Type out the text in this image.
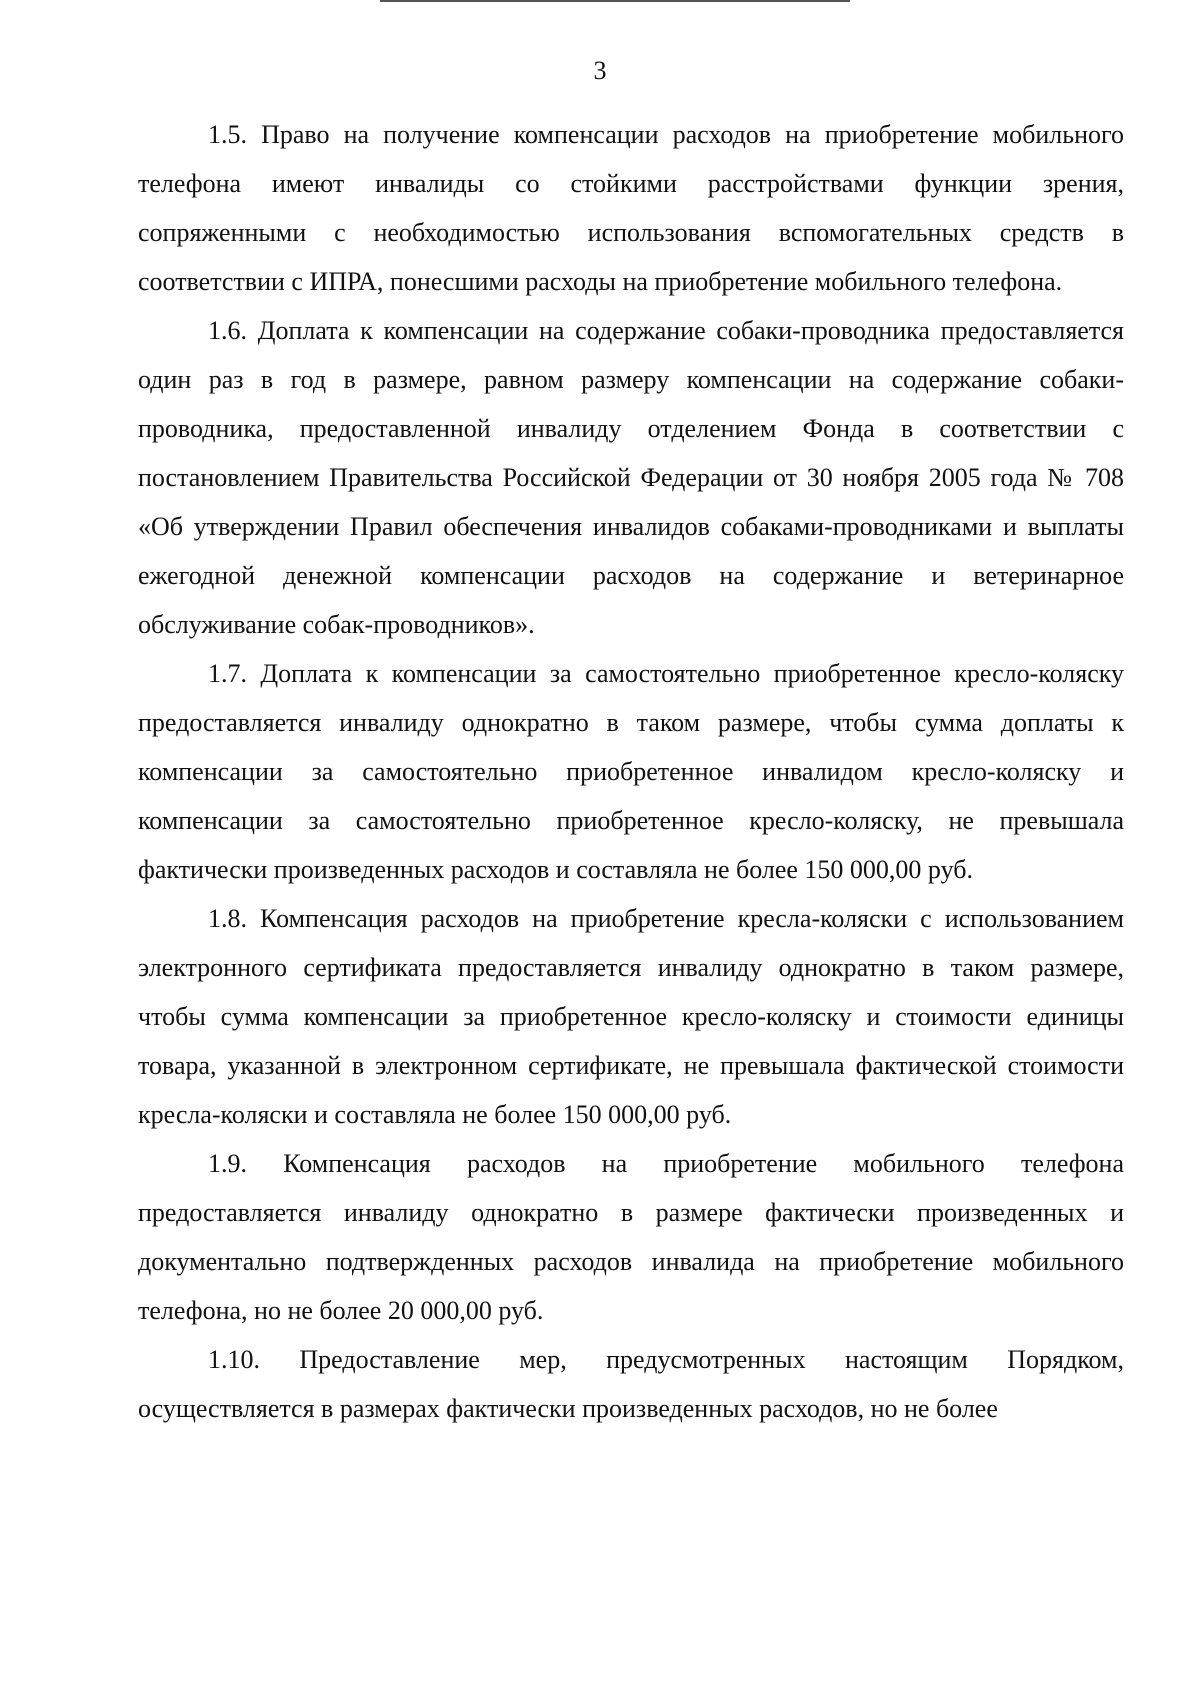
3

1.5. Право на получение компенсации расходов на приобретение мобильного телефона имеют инвалиды со стойкими расстройствами функции зрения, сопряженными с необходимостью использования вспомогательных средств в соответствии с ИПРА, понесшими расходы на приобретение мобильного телефона.

1.6. Доплата к компенсации на содержание собаки-проводника предоставляется один раз в год в размере, равном размеру компенсации на содержание собаки-проводника, предоставленной инвалиду отделением Фонда в соответствии с постановлением Правительства Российской Федерации от 30 ноября 2005 года № 708 «Об утверждении Правил обеспечения инвалидов собаками-проводниками и выплаты ежегодной денежной компенсации расходов на содержание и ветеринарное обслуживание собак-проводников».

1.7. Доплата к компенсации за самостоятельно приобретенное кресло-коляску предоставляется инвалиду однократно в таком размере, чтобы сумма доплаты к компенсации за самостоятельно приобретенное инвалидом кресло-коляску и компенсации за самостоятельно приобретенное кресло-коляску, не превышала фактически произведенных расходов и составляла не более 150 000,00 руб.

1.8. Компенсация расходов на приобретение кресла-коляски с использованием электронного сертификата предоставляется инвалиду однократно в таком размере, чтобы сумма компенсации за приобретенное кресло-коляску и стоимости единицы товара, указанной в электронном сертификате, не превышала фактической стоимости кресла-коляски и составляла не более 150 000,00 руб.

1.9. Компенсация расходов на приобретение мобильного телефона предоставляется инвалиду однократно в размере фактически произведенных и документально подтвержденных расходов инвалида на приобретение мобильного телефона, но не более 20 000,00 руб.

1.10. Предоставление мер, предусмотренных настоящим Порядком, осуществляется в размерах фактически произведенных расходов, но не более
